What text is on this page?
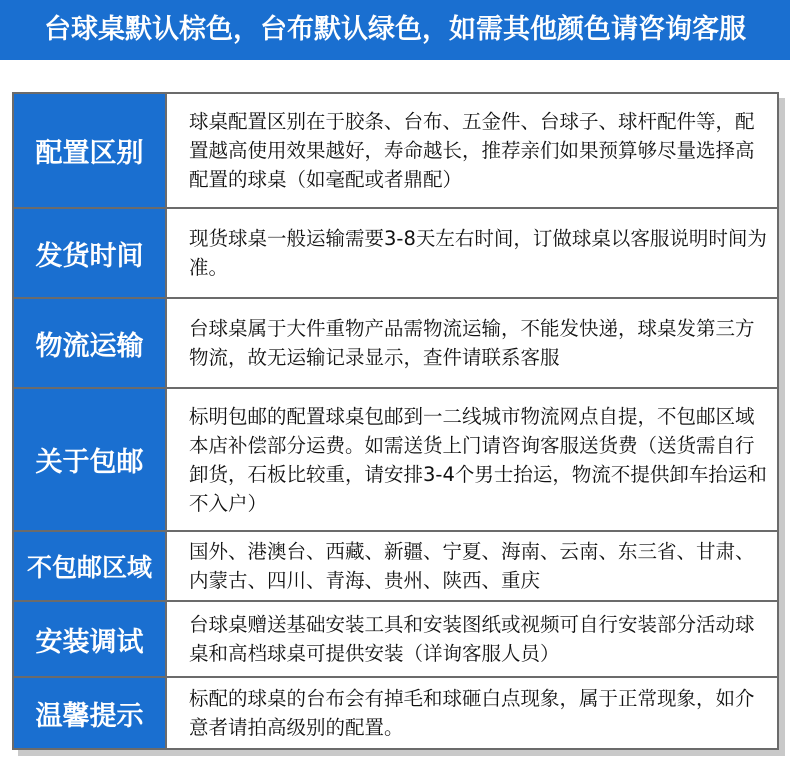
台球桌默认棕色，台布默认绿色，如需其他颜色请咨询客服
配置区别
球桌配置区别在于胶条、台布、五金件、台球子、球杆配件等，配置越高使用效果越好，寿命越长，推荐亲们如果预算够尽量选择高配置的球桌（如毫配或者鼎配）
发货时间
现货球桌一般运输需要3-8天左右时间，订做球桌以客服说明时间为准。
物流运输
台球桌属于大件重物产品需物流运输，不能发快递，球桌发第三方物流，故无运输记录显示，查件请联系客服
关于包邮
标明包邮的配置球桌包邮到一二线城市物流网点自提，不包邮区域本店补偿部分运费。如需送货上门请咨询客服送货费（送货需自行卸货，石板比较重，请安排3-4个男士抬运，物流不提供卸车抬运和不入户）
不包邮区域
国外、港澳台、西藏、新疆、宁夏、海南、云南、东三省、甘肃、内蒙古、四川、青海、贵州、陕西、重庆
安装调试
台球桌赠送基础安装工具和安装图纸或视频可自行安装部分活动球桌和高档球桌可提供安装（详询客服人员）
温馨提示
标配的球桌的台布会有掉毛和球砸白点现象，属于正常现象，如介意者请拍高级别的配置。
